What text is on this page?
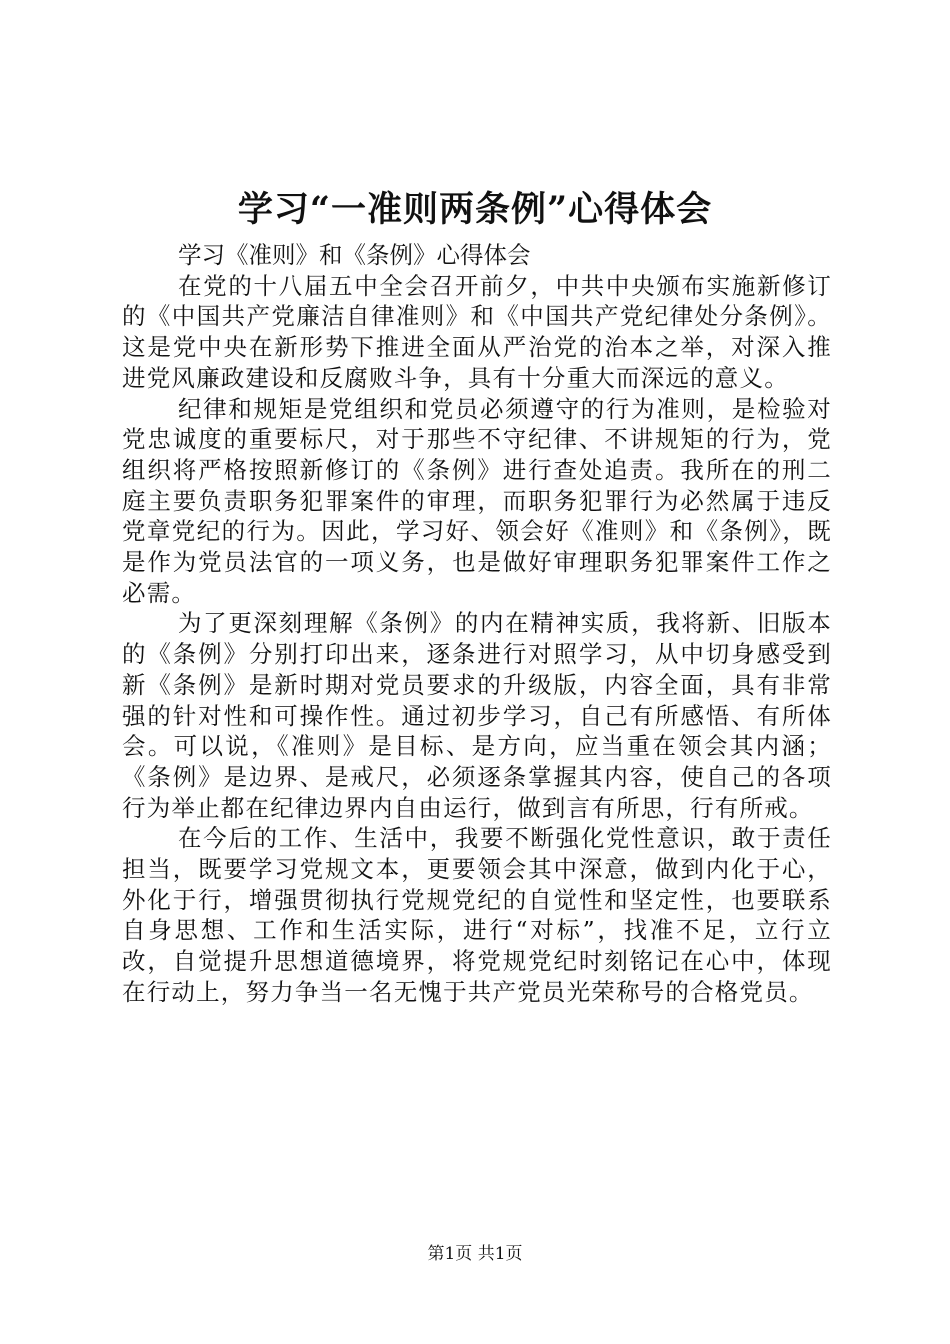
学习“一准则两条例”心得体会

学习《准则》和《条例》心得体会

在党的十八届五中全会召开前夕，中共中央颁布实施新修订的《中国共产党廉洁自律准则》和《中国共产党纪律处分条例》。这是党中央在新形势下推进全面从严治党的治本之举，对深入推进党风廉政建设和反腐败斗争，具有十分重大而深远的意义。

纪律和规矩是党组织和党员必须遵守的行为准则，是检验对党忠诚度的重要标尺，对于那些不守纪律、不讲规矩的行为，党组织将严格按照新修订的《条例》进行查处追责。我所在的刑二庭主要负责职务犯罪案件的审理，而职务犯罪行为必然属于违反党章党纪的行为。因此，学习好、领会好《准则》和《条例》，既是作为党员法官的一项义务，也是做好审理职务犯罪案件工作之必需。

为了更深刻理解《条例》的内在精神实质，我将新、旧版本的《条例》分别打印出来，逐条进行对照学习，从中切身感受到新《条例》是新时期对党员要求的升级版，内容全面，具有非常强的针对性和可操作性。通过初步学习，自己有所感悟、有所体会。可以说，《准则》是目标、是方向，应当重在领会其内涵；《条例》是边界、是戒尺，必须逐条掌握其内容，使自己的各项行为举止都在纪律边界内自由运行，做到言有所思，行有所戒。

在今后的工作、生活中，我要不断强化党性意识，敢于责任担当，既要学习党规文本，更要领会其中深意，做到内化于心，外化于行，增强贯彻执行党规党纪的自觉性和坚定性，也要联系自身思想、工作和生活实际，进行“对标”，找准不足，立行立改，自觉提升思想道德境界，将党规党纪时刻铭记在心中，体现在行动上，努力争当一名无愧于共产党员光荣称号的合格党员。

第1页 共1页
